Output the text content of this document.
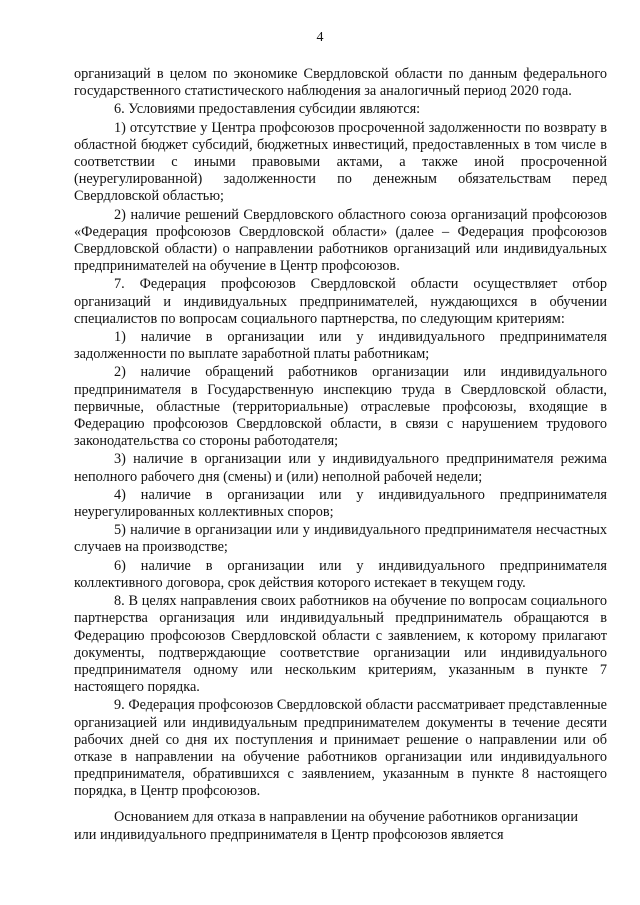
4

организаций в целом по экономике Свердловской области по данным федерального государственного статистического наблюдения за аналогичный период 2020 года.

6. Условиями предоставления субсидии являются:

1) отсутствие у Центра профсоюзов просроченной задолженности по возврату в областной бюджет субсидий, бюджетных инвестиций, предоставленных в том числе в соответствии с иными правовыми актами, а также иной просроченной (неурегулированной) задолженности по денежным обязательствам перед Свердловской областью;

2) наличие решений Свердловского областного союза организаций профсоюзов «Федерация профсоюзов Свердловской области» (далее – Федерация профсоюзов Свердловской области) о направлении работников организаций или индивидуальных предпринимателей на обучение в Центр профсоюзов.

7. Федерация профсоюзов Свердловской области осуществляет отбор организаций и индивидуальных предпринимателей, нуждающихся в обучении специалистов по вопросам социального партнерства, по следующим критериям:

1) наличие в организации или у индивидуального предпринимателя задолженности по выплате заработной платы работникам;

2) наличие обращений работников организации или индивидуального предпринимателя в Государственную инспекцию труда в Свердловской области, первичные, областные (территориальные) отраслевые профсоюзы, входящие в Федерацию профсоюзов Свердловской области, в связи с нарушением трудового законодательства со стороны работодателя;

3) наличие в организации или у индивидуального предпринимателя режима неполного рабочего дня (смены) и (или) неполной рабочей недели;

4) наличие в организации или у индивидуального предпринимателя неурегулированных коллективных споров;

5) наличие в организации или у индивидуального предпринимателя несчастных случаев на производстве;

6) наличие в организации или у индивидуального предпринимателя коллективного договора, срок действия которого истекает в текущем году.

8. В целях направления своих работников на обучение по вопросам социального партнерства организация или индивидуальный предприниматель обращаются в Федерацию профсоюзов Свердловской области с заявлением, к которому прилагают документы, подтверждающие соответствие организации или индивидуального предпринимателя одному или нескольким критериям, указанным в пункте 7 настоящего порядка.

9. Федерация профсоюзов Свердловской области рассматривает представленные организацией или индивидуальным предпринимателем документы в течение десяти рабочих дней со дня их поступления и принимает решение о направлении или об отказе в направлении на обучение работников организации или индивидуального предпринимателя, обратившихся с заявлением, указанным в пункте 8 настоящего порядка, в Центр профсоюзов.

Основанием для отказа в направлении на обучение работников организации

или индивидуального предпринимателя в Центр профсоюзов является
